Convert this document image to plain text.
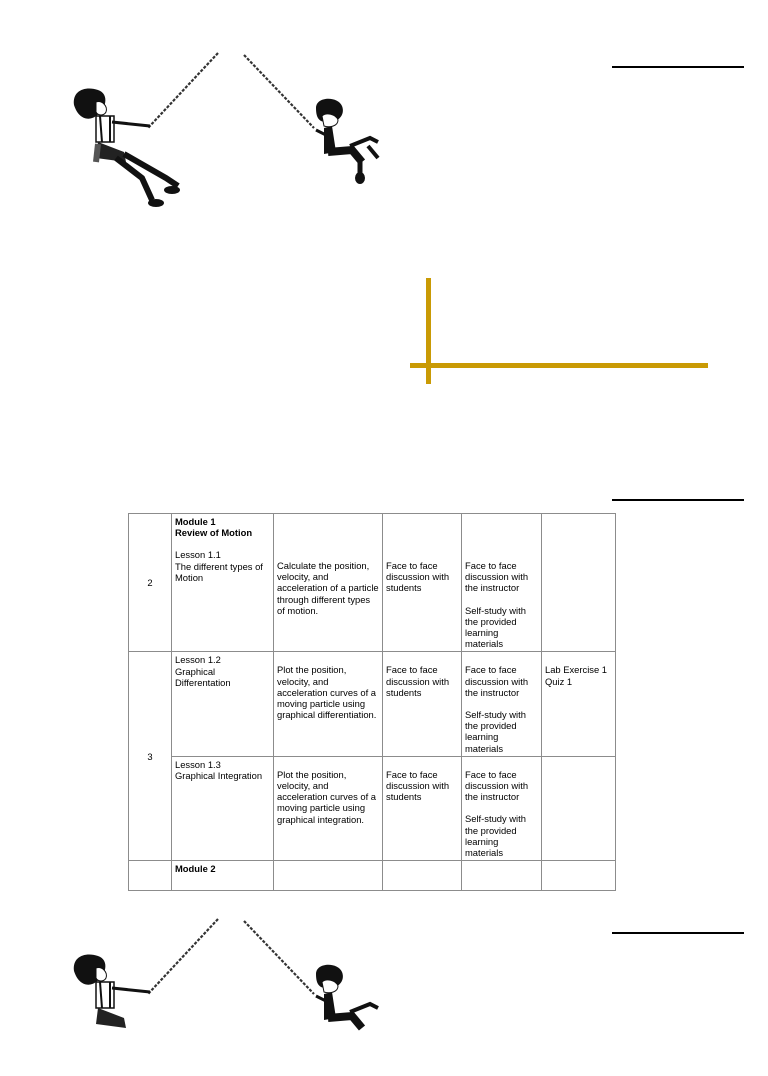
2	Module 1
Review of Motion
Lesson 1.1
The different types of Motion	Calculate the position, velocity, and acceleration of a particle through different types of motion.	Face to face discussion with students	Face to face discussion with the instructor
Self-study with the provided learning materials	

3	Lesson 1.2
Graphical Differentation	Plot the position, velocity, and acceleration curves of a moving particle using graphical differentiation.	Face to face discussion with students	Face to face discussion with the instructor
Self-study with the provided learning materials	Lab Exercise 1
Quiz 1

	Lesson 1.3
Graphical Integration	Plot the position, velocity, and acceleration curves of a moving particle using graphical integration.	Face to face discussion with students	Face to face discussion with the instructor
Self-study with the provided learning materials	

	Module 2				
